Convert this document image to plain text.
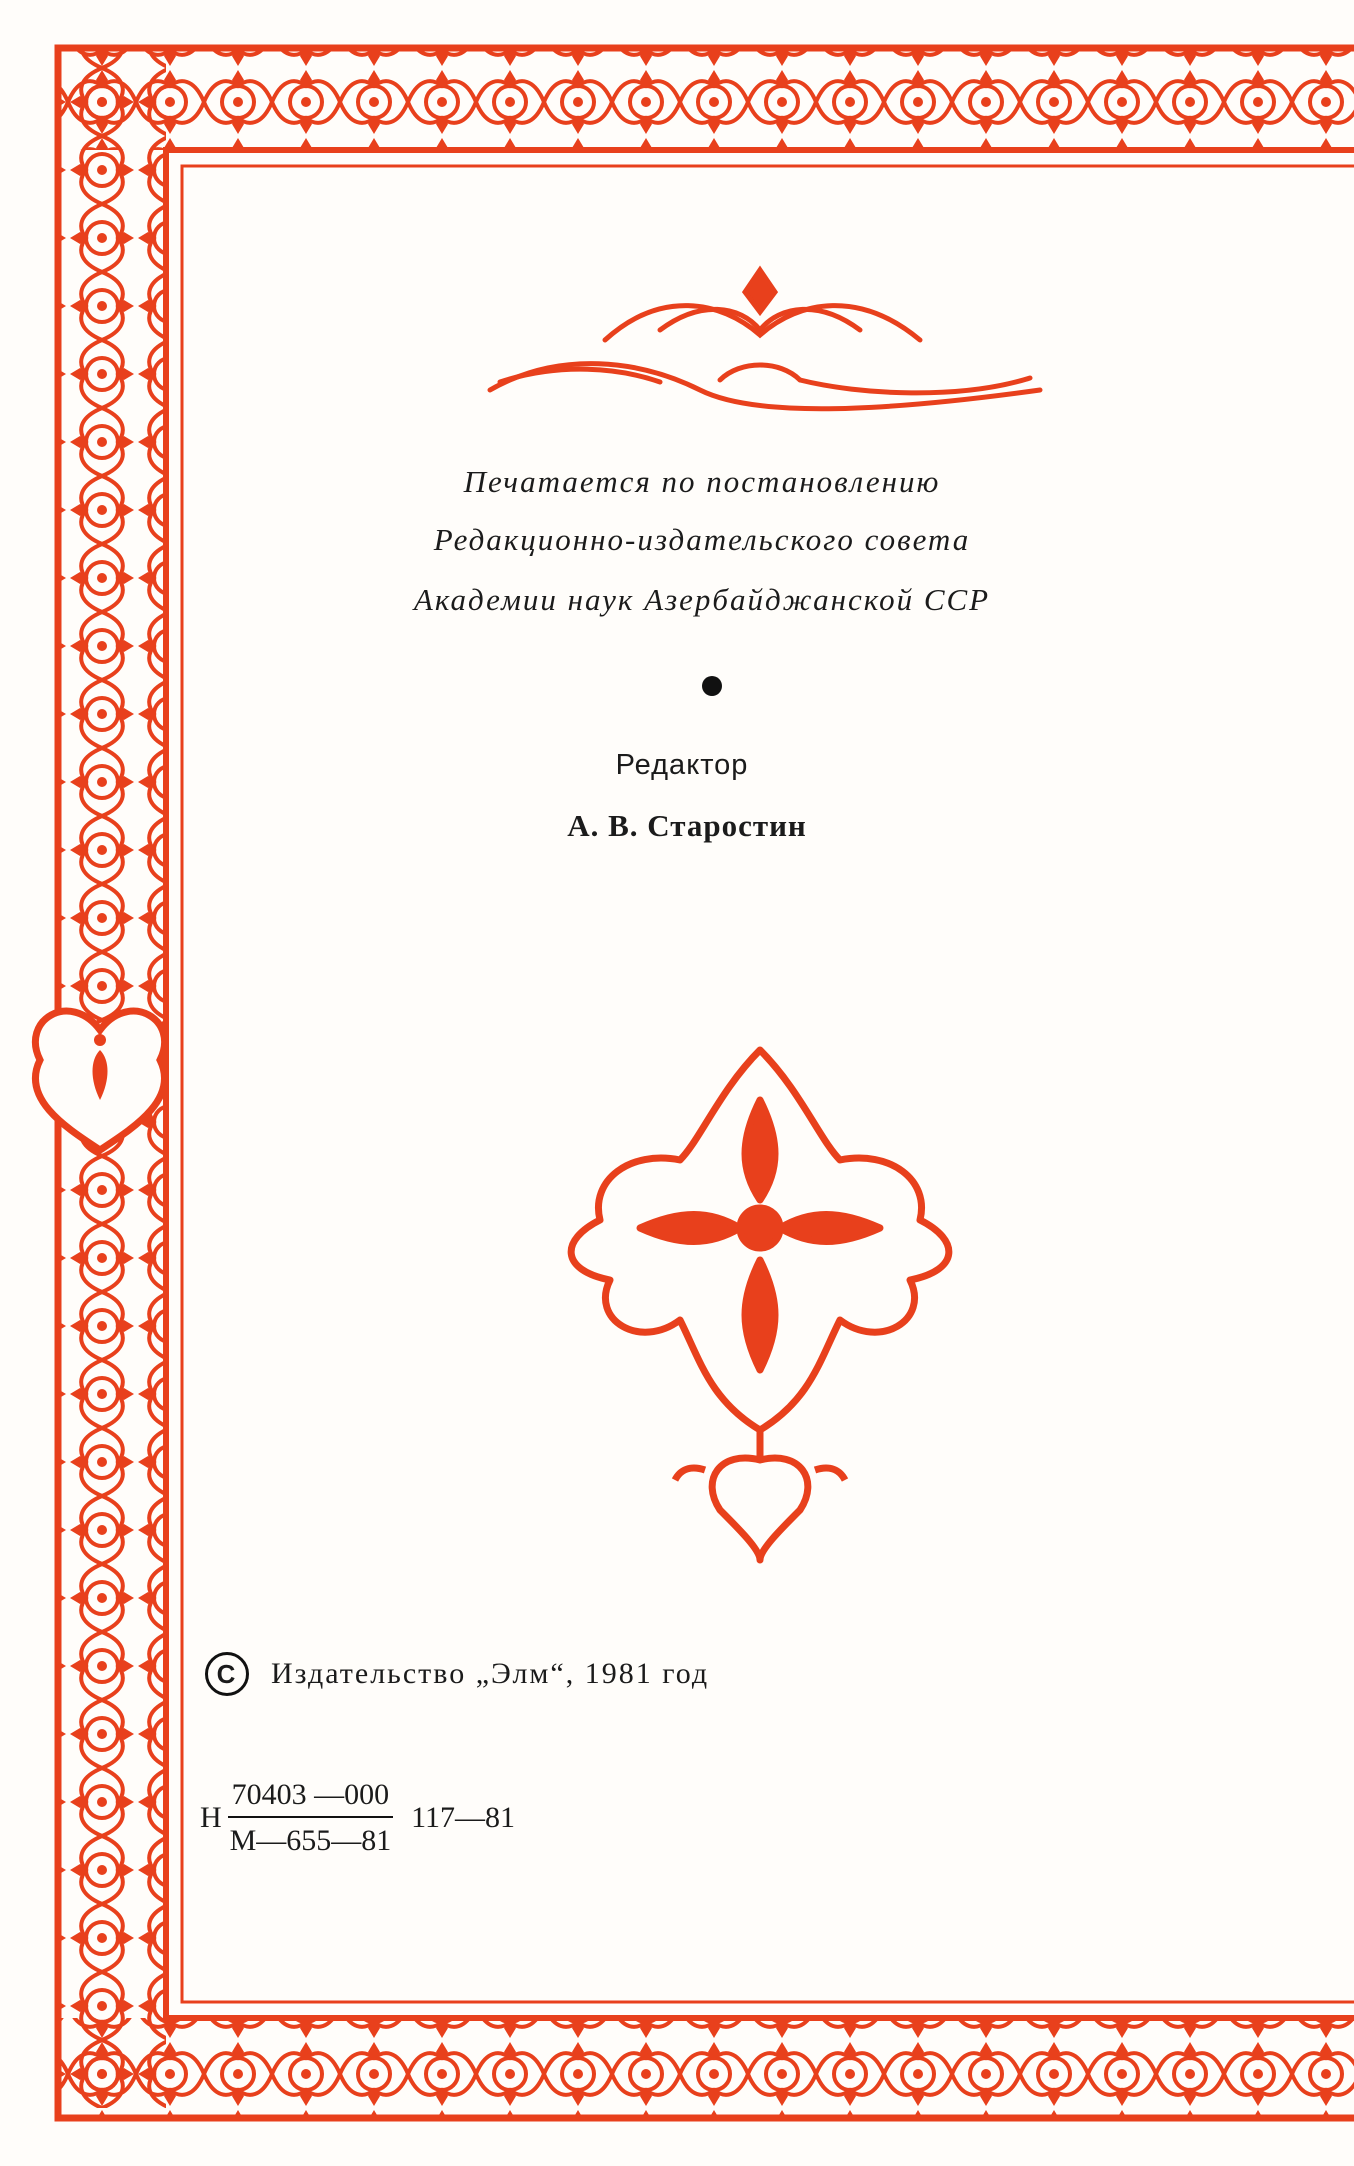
Печатается по постановлению
Редакционно-издательского совета
Академии наук Азербайджанской ССР
Редактор
А. В. Старостин
C	Издательство „Элм“, 1981 год
Н $\frac{70403 —000}{М—655—81}$ 117—81
